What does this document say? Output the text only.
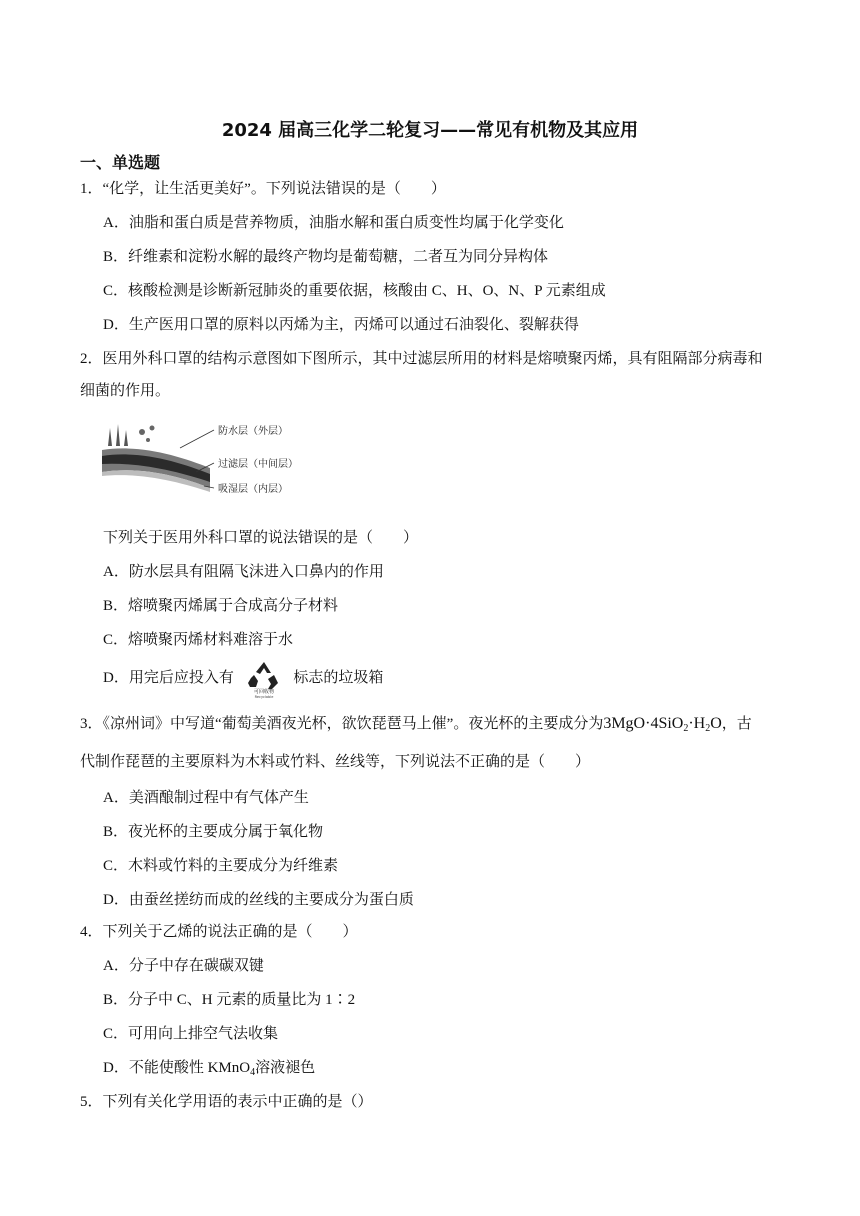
2024 届高三化学二轮复习——常见有机物及其应用
一、单选题
1．“化学，让生活更美好”。下列说法错误的是（　　）
A．油脂和蛋白质是营养物质，油脂水解和蛋白质变性均属于化学变化
B．纤维素和淀粉水解的最终产物均是葡萄糖，二者互为同分异构体
C．核酸检测是诊断新冠肺炎的重要依据，核酸由 C、H、O、N、P 元素组成
D．生产医用口罩的原料以丙烯为主，丙烯可以通过石油裂化、裂解获得
2．医用外科口罩的结构示意图如下图所示，其中过滤层所用的材料是熔喷聚丙烯，具有阻隔部分病毒和
细菌的作用。
防水层（外层）
过滤层（中间层）
吸湿层（内层）
下列关于医用外科口罩的说法错误的是（　　）
A．防水层具有阻隔飞沫进入口鼻内的作用
B．熔喷聚丙烯属于合成高分子材料
C．熔喷聚丙烯材料难溶于水
D．用完后应投入有
可回收物
Recyclable
标志的垃圾箱
3．《凉州词》中写道“葡萄美酒夜光杯，欲饮琵琶马上催”。夜光杯的主要成分为$3MgO\cdot 4SiO_2\cdot H_2O$，古
代制作琵琶的主要原料为木料或竹料、丝线等，下列说法不正确的是（　　）
A．美酒酿制过程中有气体产生
B．夜光杯的主要成分属于氧化物
C．木料或竹料的主要成分为纤维素
D．由蚕丝搓纺而成的丝线的主要成分为蛋白质
4．下列关于乙烯的说法正确的是（　　）
A．分子中存在碳碳双键
B．分子中 C、H 元素的质量比为 1∶2
C．可用向上排空气法收集
D．不能使酸性 KMnO$_4$溶液褪色
5．下列有关化学用语的表示中正确的是（）
